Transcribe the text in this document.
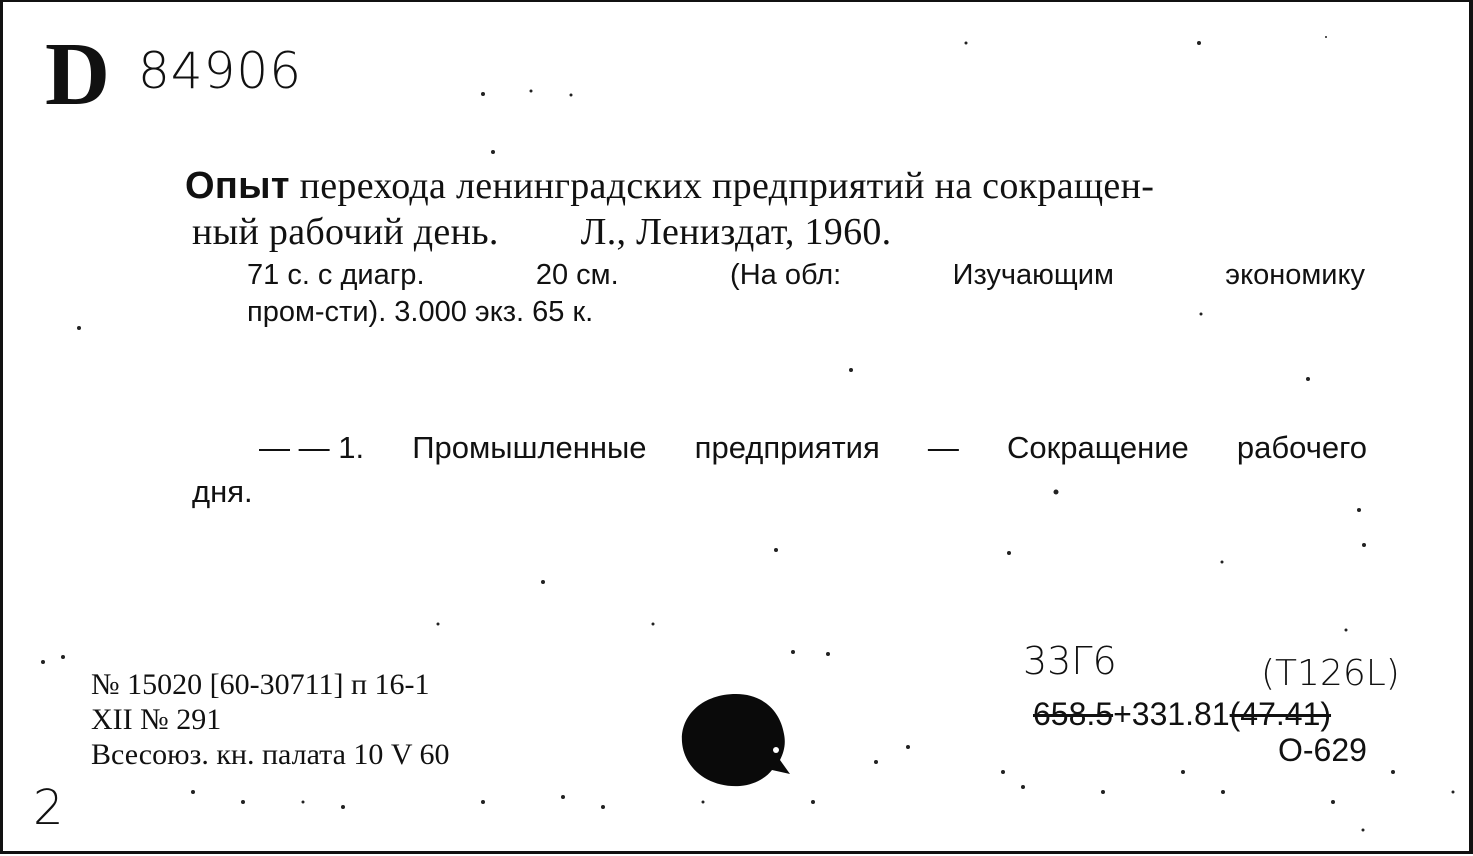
D 84906
Опыт перехода ленинградских предприятий на сокращен-
ный рабочий день. Л., Лениздат, 1960.
71 с. с диагр.	20 см.	(На обл:	Изучающим	экономику
пром-сти). 3.000 экз. 65 к.
— — 1. Промышленные предприятия — Сокращение рабочего
дня.
№ 15020 [60-30711] п 16-1
XII № 291
Всесоюз. кн. палата 10 V 60
33Г6	(Т126L)
658.5+331.81(47.41)
О-629
2
